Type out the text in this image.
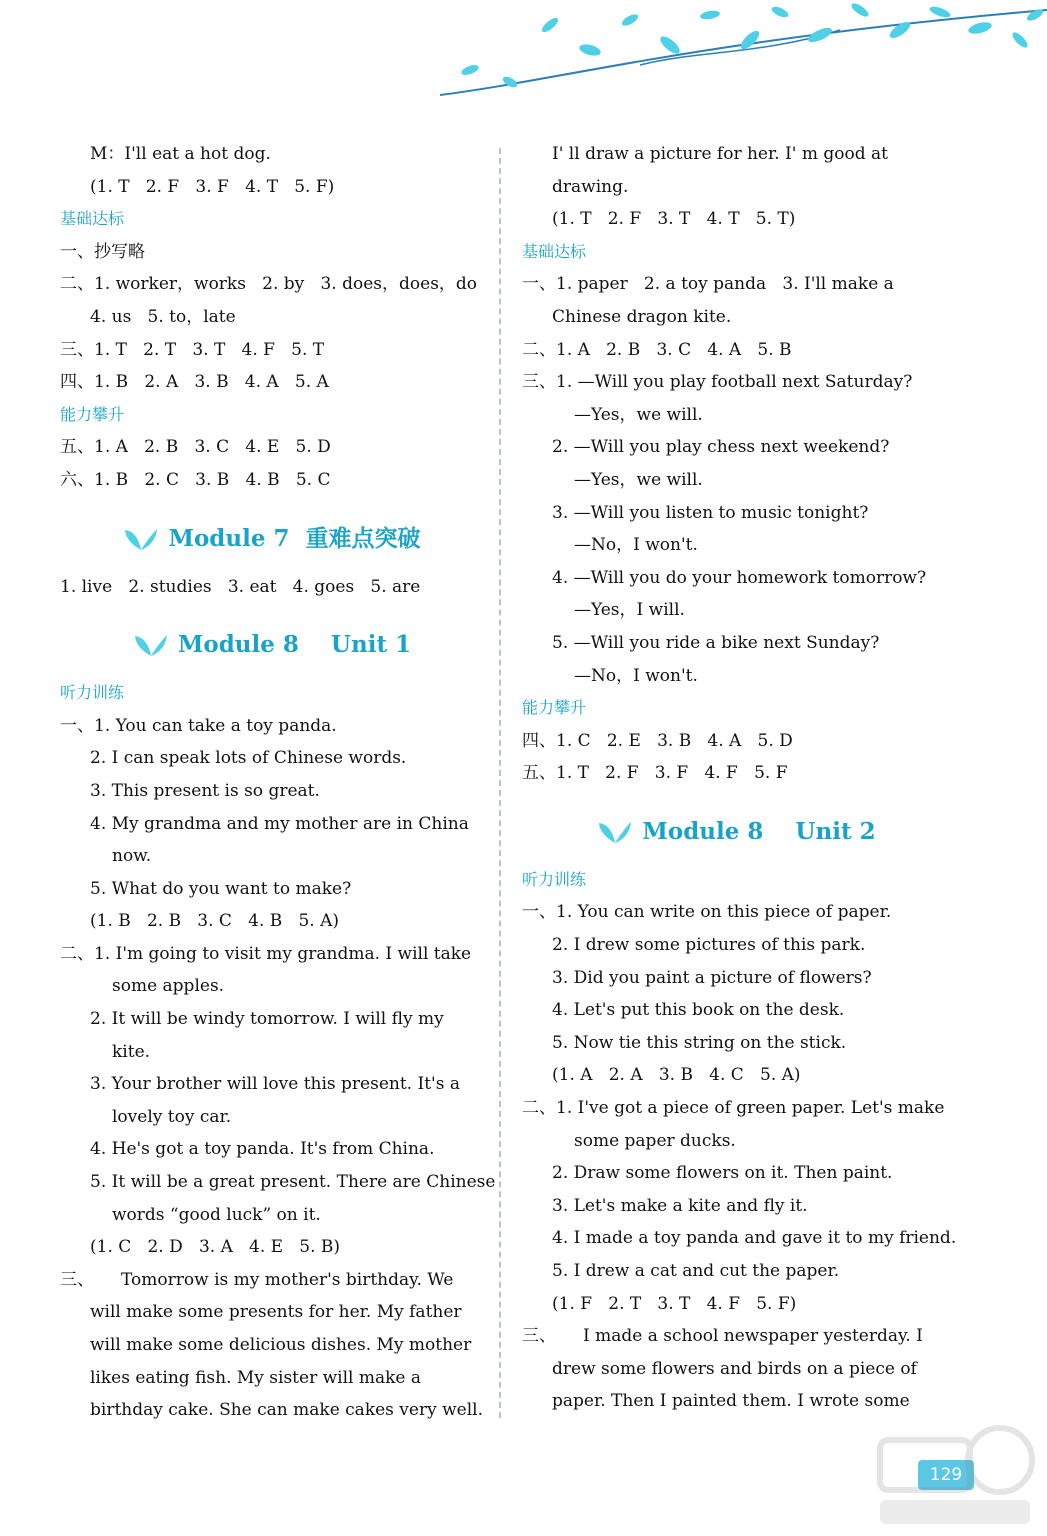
M：I'll eat a hot dog.
(1. T   2. F   3. F   4. T   5. F)
基础达标
一、抄写略
二、1. worker，works   2. by   3. does，does，do
4. us   5. to，late
三、1. T   2. T   3. T   4. F   5. T
四、1. B   2. A   3. B   4. A   5. A
能力攀升
五、1. A   2. B   3. C   4. E   5. D
六、1. B   2. C   3. B   4. B   5. C
Module 7  重难点突破
1. live   2. studies   3. eat   4. goes   5. are
Module 8    Unit 1
听力训练
一、1. You can take a toy panda.
2. I can speak lots of Chinese words.
3. This present is so great.
4. My grandma and my mother are in China
now.
5. What do you want to make?
(1. B   2. B   3. C   4. B   5. A)
二、1. I'm going to visit my grandma. I will take
some apples.
2. It will be windy tomorrow. I will fly my
kite.
3. Your brother will love this present. It's a
lovely toy car.
4. He's got a toy panda. It's from China.
5. It will be a great present. There are Chinese
words “good luck” on it.
(1. C   2. D   3. A   4. E   5. B)
三、     Tomorrow is my mother's birthday. We
will make some presents for her. My father
will make some delicious dishes. My mother
likes eating fish. My sister will make a
birthday cake. She can make cakes very well.
I' ll draw a picture for her. I' m good at
drawing.
(1. T   2. F   3. T   4. T   5. T)
基础达标
一、1. paper   2. a toy panda   3. I'll make a
Chinese dragon kite.
二、1. A   2. B   3. C   4. A   5. B
三、1. —Will you play football next Saturday?
—Yes，we will.
2. —Will you play chess next weekend?
—Yes，we will.
3. —Will you listen to music tonight?
—No，I won't.
4. —Will you do your homework tomorrow?
—Yes，I will.
5. —Will you ride a bike next Sunday?
—No，I won't.
能力攀升
四、1. C   2. E   3. B   4. A   5. D
五、1. T   2. F   3. F   4. F   5. F
Module 8    Unit 2
听力训练
一、1. You can write on this piece of paper.
2. I drew some pictures of this park.
3. Did you paint a picture of flowers?
4. Let's put this book on the desk.
5. Now tie this string on the stick.
(1. A   2. A   3. B   4. C   5. A)
二、1. I've got a piece of green paper. Let's make
some paper ducks.
2. Draw some flowers on it. Then paint.
3. Let's make a kite and fly it.
4. I made a toy panda and gave it to my friend.
5. I drew a cat and cut the paper.
(1. F   2. T   3. T   4. F   5. F)
三、     I made a school newspaper yesterday. I
drew some flowers and birds on a piece of
paper. Then I painted them. I wrote some
129
